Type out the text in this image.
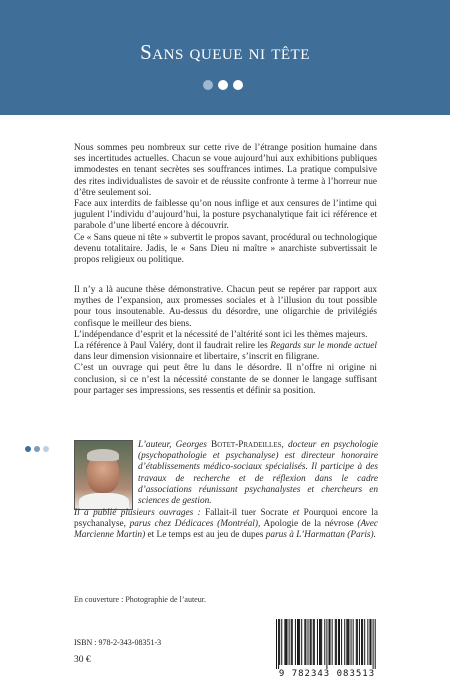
Sans queue ni tête

Nous sommes peu nombreux sur cette rive de l’étrange position humaine dans ses incertitudes actuelles. Chacun se voue aujourd’hui aux exhibitions publiques immodestes en tenant secrètes ses souffrances intimes. La pratique compulsive des rites individualistes de savoir et de réussite confronte à terme à l’horreur nue d’être seulement soi.

Face aux interdits de faiblesse qu’on nous inflige et aux censures de l’intime qui jugulent l’individu d’aujourd’hui, la posture psychanalytique fait ici référence et parabole d’une liberté encore à découvrir.

Ce « Sans queue ni tête » subvertit le propos savant, procédural ou technologique devenu totalitaire. Jadis, le « Sans Dieu ni maître » anarchiste subvertissait le propos religieux ou politique.

Il n’y a là aucune thèse démonstrative. Chacun peut se repérer par rapport aux mythes de l’expansion, aux promesses sociales et à l’illusion du tout possible pour tous insoutenable. Au-dessus du désordre, une oligarchie de privilégiés confisque le meilleur des biens.

L’indépendance d’esprit et la nécessité de l’altérité sont ici les thèmes majeurs.

La référence à Paul Valéry, dont il faudrait relire les Regards sur le monde actuel dans leur dimension visionnaire et libertaire, s’inscrit en filigrane.

C’est un ouvrage qui peut être lu dans le désordre. Il n’offre ni origine ni conclusion, si ce n’est la nécessité constante de se donner le langage suffisant pour partager ses impressions, ses ressentis et définir sa position.

L’auteur, Georges Botet-Pradeilles, docteur en psychologie (psychopathologie et psychanalyse) est directeur honoraire d’établissements médico-sociaux spécialisés. Il participe à des travaux de recherche et de réflexion dans le cadre d’associations réunissant psychanalystes et chercheurs en sciences de gestion.
Il a publié plusieurs ouvrages : Fallait-il tuer Socrate et Pourquoi encore la psychanalyse, parus chez Dédicaces (Montréal), Apologie de la névrose (Avec Marcienne Martin) et Le temps est au jeu de dupes parus à L’Harmattan (Paris).
En couverture : Photographie de l’auteur.
ISBN : 978-2-343-08351-3
30 €
9 782343 083513
